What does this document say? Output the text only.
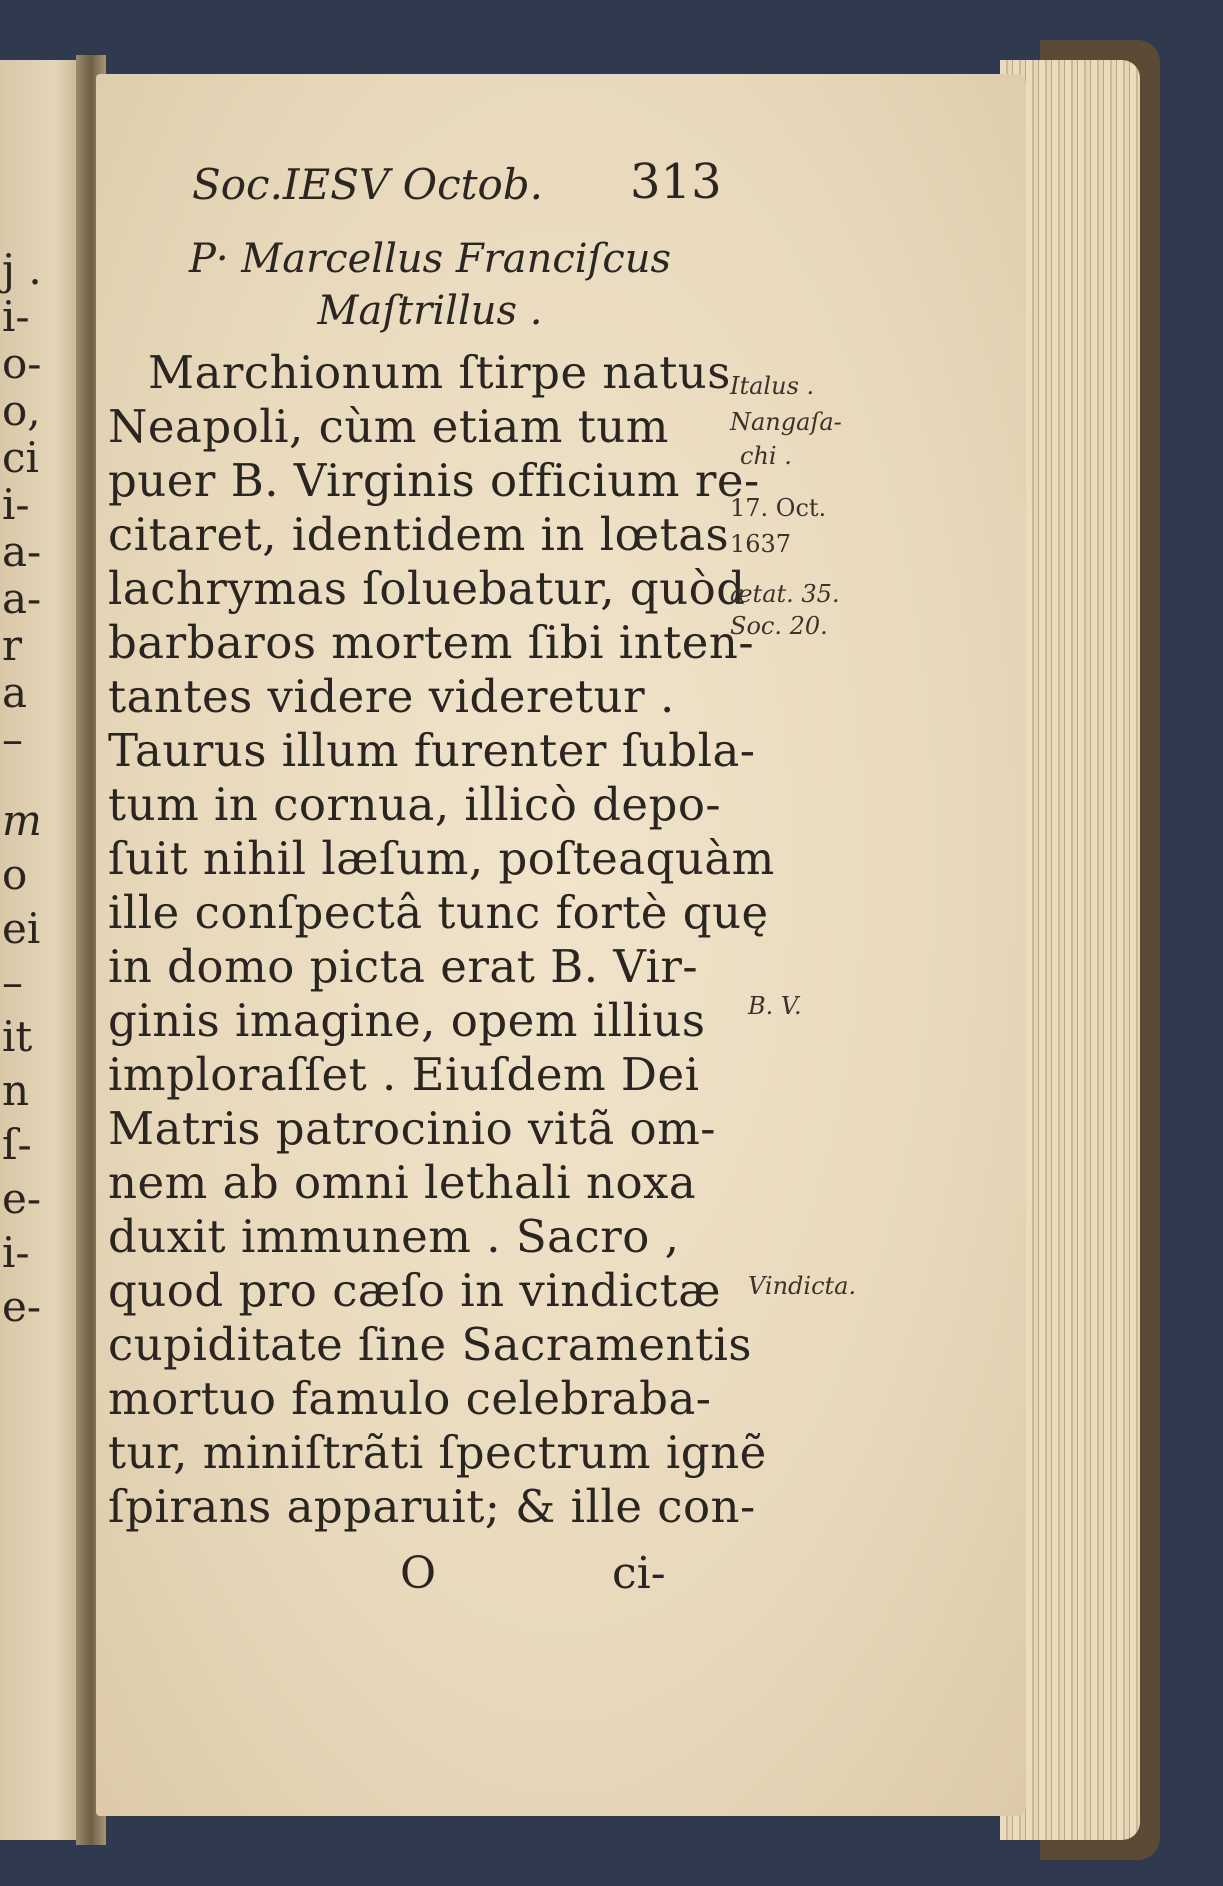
j .
i-
o-
o,
ci
i-
a-
a-
r
a
–
m
o
ei
–
it
n
ſ-
e-
i-
e-
Soc.IESV Octob. 313
P· Marcellus Franciſcus
Maſtrillus .
Marchionum ſtirpe natus
Neapoli, cùm etiam tum
puer B. Virginis officium re-
citaret, identidem in lœtas
lachrymas ſoluebatur, quòd
barbaros mortem ſibi inten-
tantes videre videretur .
Taurus illum furenter ſubla-
tum in cornua, illicò depo-
ſuit nihil læſum, poſteaquàm
ille conſpectâ tunc fortè quę
in domo picta erat B. Vir-
ginis imagine, opem illius
imploraſſet . Eiuſdem Dei
Matris patrocinio vitã om-
nem ab omni lethali noxa
duxit immunem . Sacro ,
quod pro cæſo in vindictæ
cupiditate ſine Sacramentis
mortuo famulo celebraba-
tur, miniſtrãti ſpectrum ignẽ
ſpirans apparuit; & ille con-
O	ci-
Italus .
Nangaſa-
chi .
17. Oct.
1637
ætat. 35.
Soc. 20.
B. V.
Vindicta.
